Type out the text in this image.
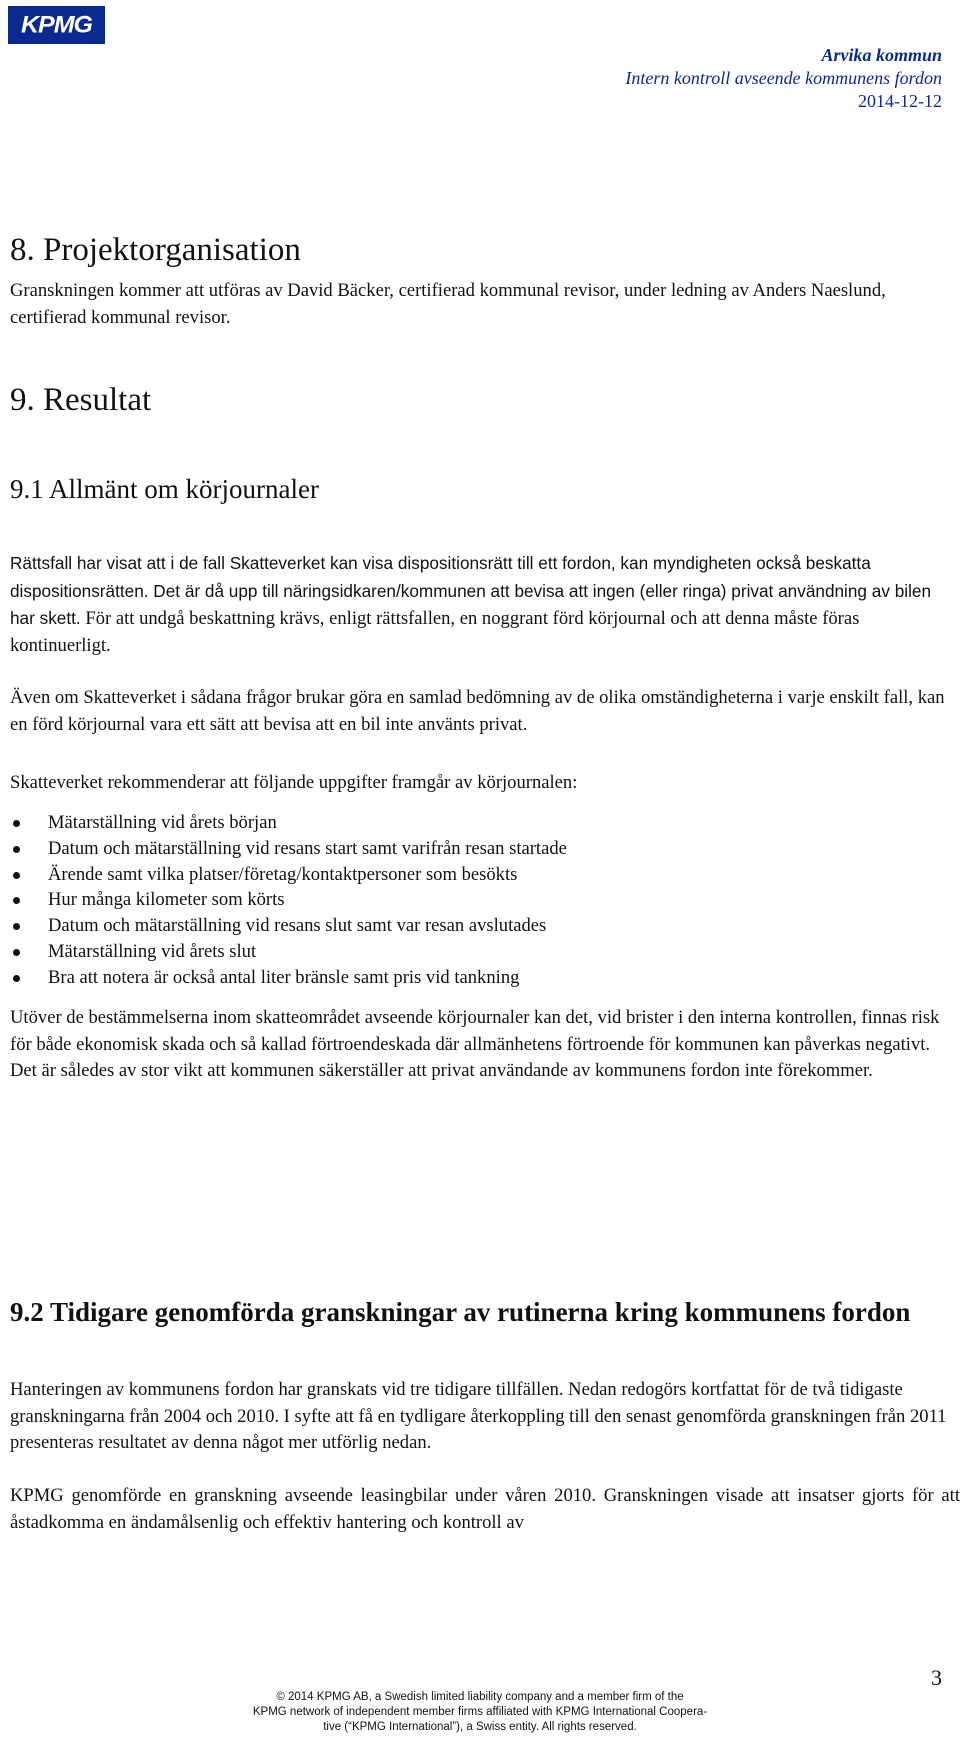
KPMG
Arvika kommun
Intern kontroll avseende kommunens fordon
2014-12-12
8. Projektorganisation

Granskningen kommer att utföras av David Bäcker, certifierad kommunal revisor, under ledning av Anders Naeslund, certifierad kommunal revisor.

9. Resultat
9.1 Allmänt om körjournaler

Rättsfall har visat att i de fall Skatteverket kan visa dispositionsrätt till ett fordon, kan myndigheten också beskatta dispositionsrätten. Det är då upp till näringsidkaren/kommunen att bevisa att ingen (eller ringa) privat användning av bilen har skett. För att undgå beskattning krävs, enligt rättsfallen, en noggrant förd körjournal och att denna måste föras kontinuerligt.

Även om Skatteverket i sådana frågor brukar göra en samlad bedömning av de olika omständigheterna i varje enskilt fall, kan en förd körjournal vara ett sätt att bevisa att en bil inte använts privat.

Skatteverket rekommenderar att följande uppgifter framgår av körjournalen:

Mätarställning vid årets början
Datum och mätarställning vid resans start samt varifrån resan startade
Ärende samt vilka platser/företag/kontaktpersoner som besökts
Hur många kilometer som körts
Datum och mätarställning vid resans slut samt var resan avslutades
Mätarställning vid årets slut
Bra att notera är också antal liter bränsle samt pris vid tankning

Utöver de bestämmelserna inom skatteområdet avseende körjournaler kan det, vid brister i den interna kontrollen, finnas risk för både ekonomisk skada och så kallad förtroendeskada där allmänhetens förtroende för kommunen kan påverkas negativt. Det är således av stor vikt att kommunen säkerställer att privat användande av kommunens fordon inte förekommer.

9.2 Tidigare genomförda granskningar av rutinerna kring kommunens fordon

Hanteringen av kommunens fordon har granskats vid tre tidigare tillfällen. Nedan redogörs kortfattat för de två tidigaste granskningarna från 2004 och 2010. I syfte att få en tydligare återkoppling till den senast genomförda granskningen från 2011 presenteras resultatet av denna något mer utförlig nedan.

KPMG genomförde en granskning avseende leasingbilar under våren 2010. Granskningen visade att insatser gjorts för att åstadkomma en ändamålsenlig och effektiv hantering och kontroll av

3
© 2014 KPMG AB, a Swedish limited liability company and a member firm of the
KPMG network of independent member firms affiliated with KPMG International Coopera-
tive (“KPMG International”), a Swiss entity. All rights reserved.
